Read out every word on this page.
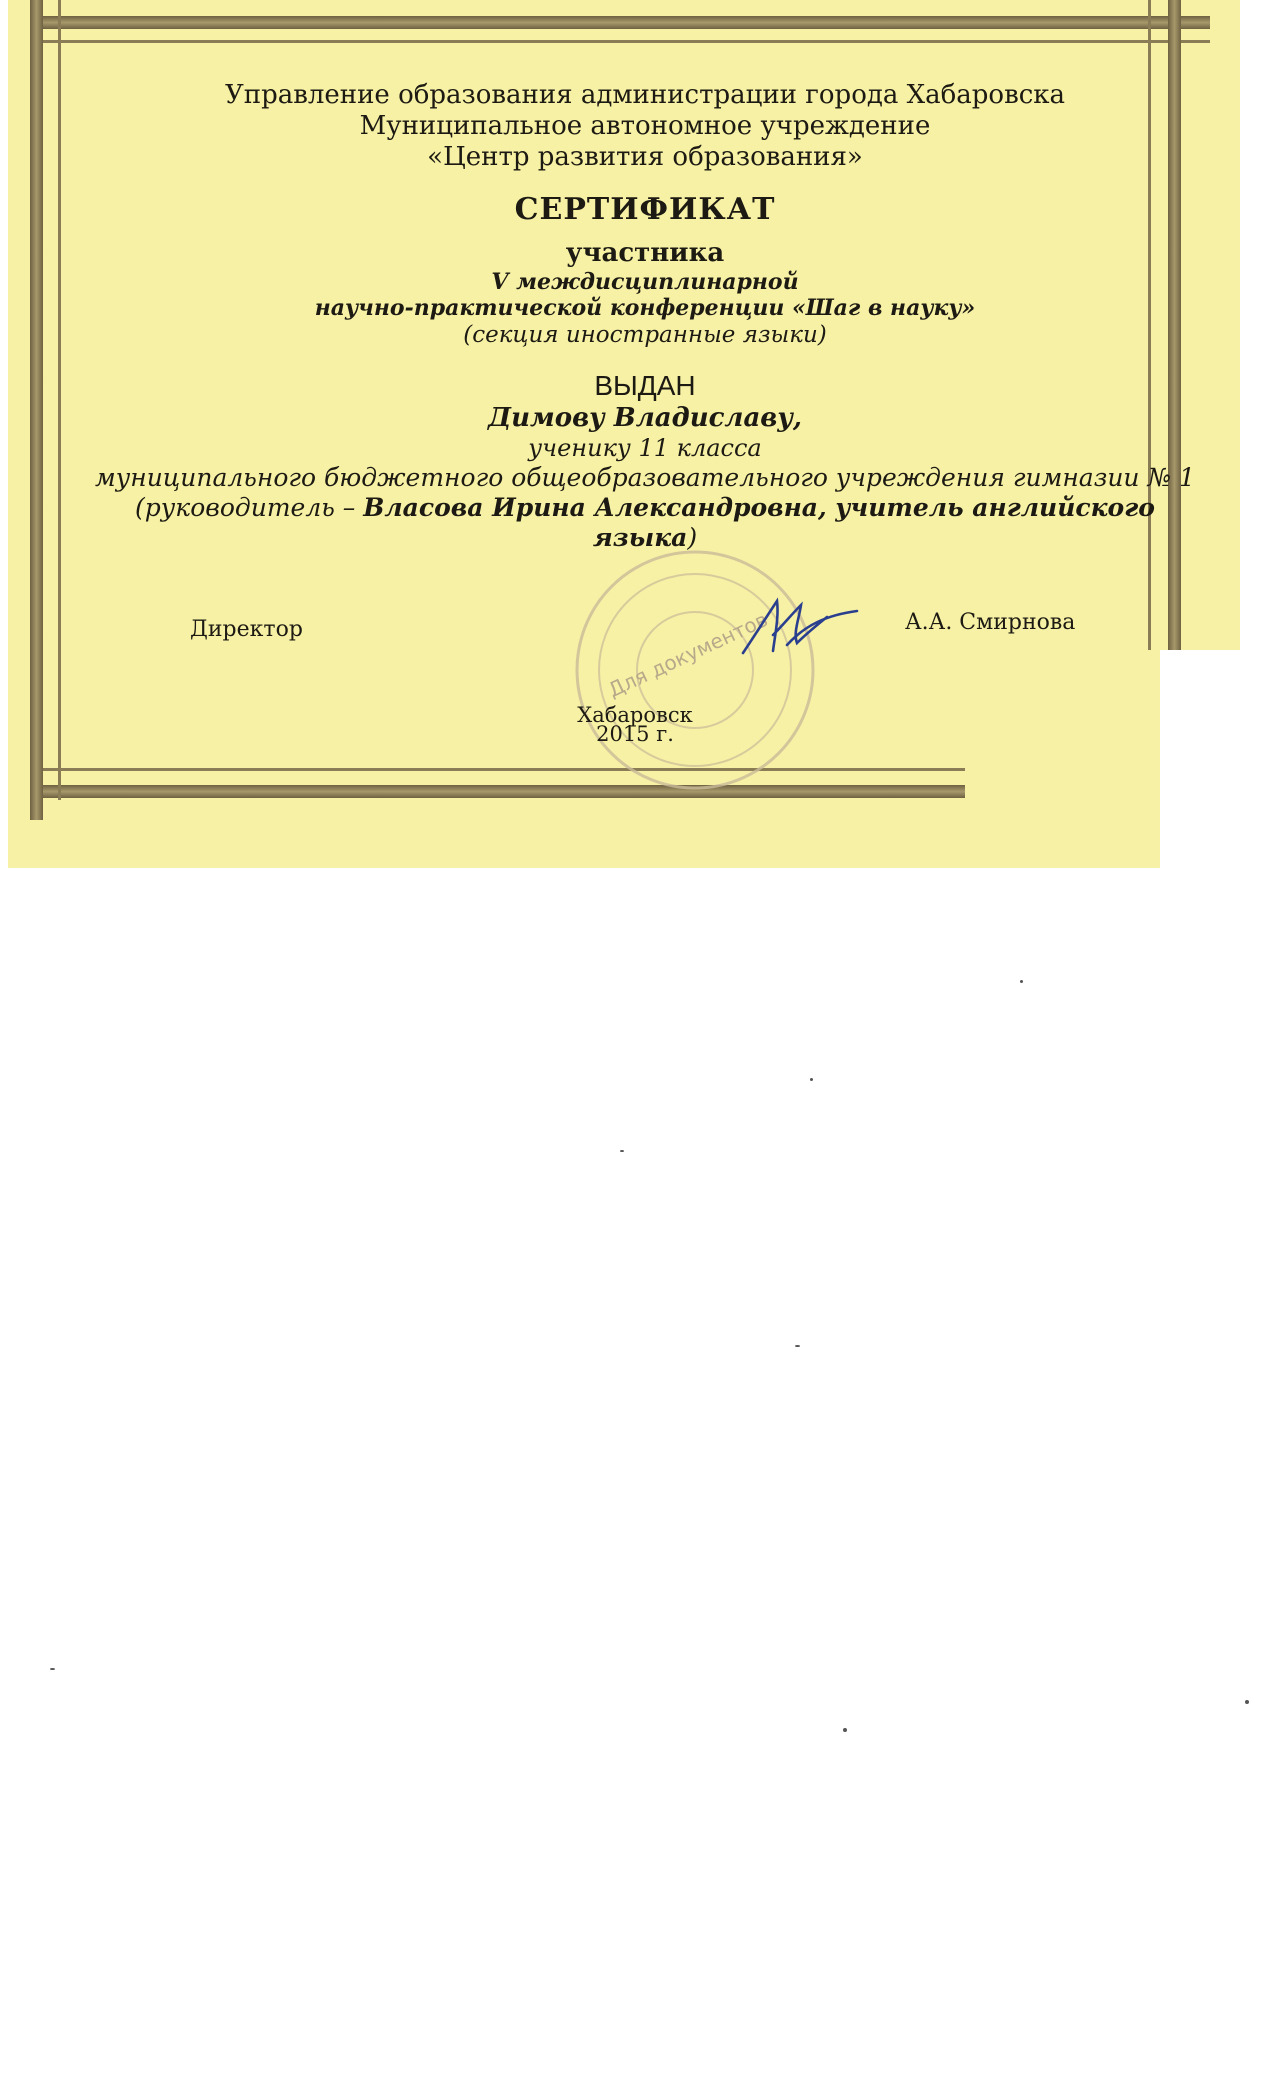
Для документов
Управление образования администрации города Хабаровска
Муниципальное автономное учреждение
«Центр развития образования»
СЕРТИФИКАТ
участника
V междисциплинарной
научно-практической конференции «Шаг в науку»
(секция иностранные языки)
ВЫДАН
Димову Владиславу,
ученику 11 класса
муниципального бюджетного общеобразовательного учреждения гимназии № 1
(руководитель – Власова Ирина Александровна, учитель английского языка)
Директор	А.А. Смирнова
Хабаровск
2015 г.
